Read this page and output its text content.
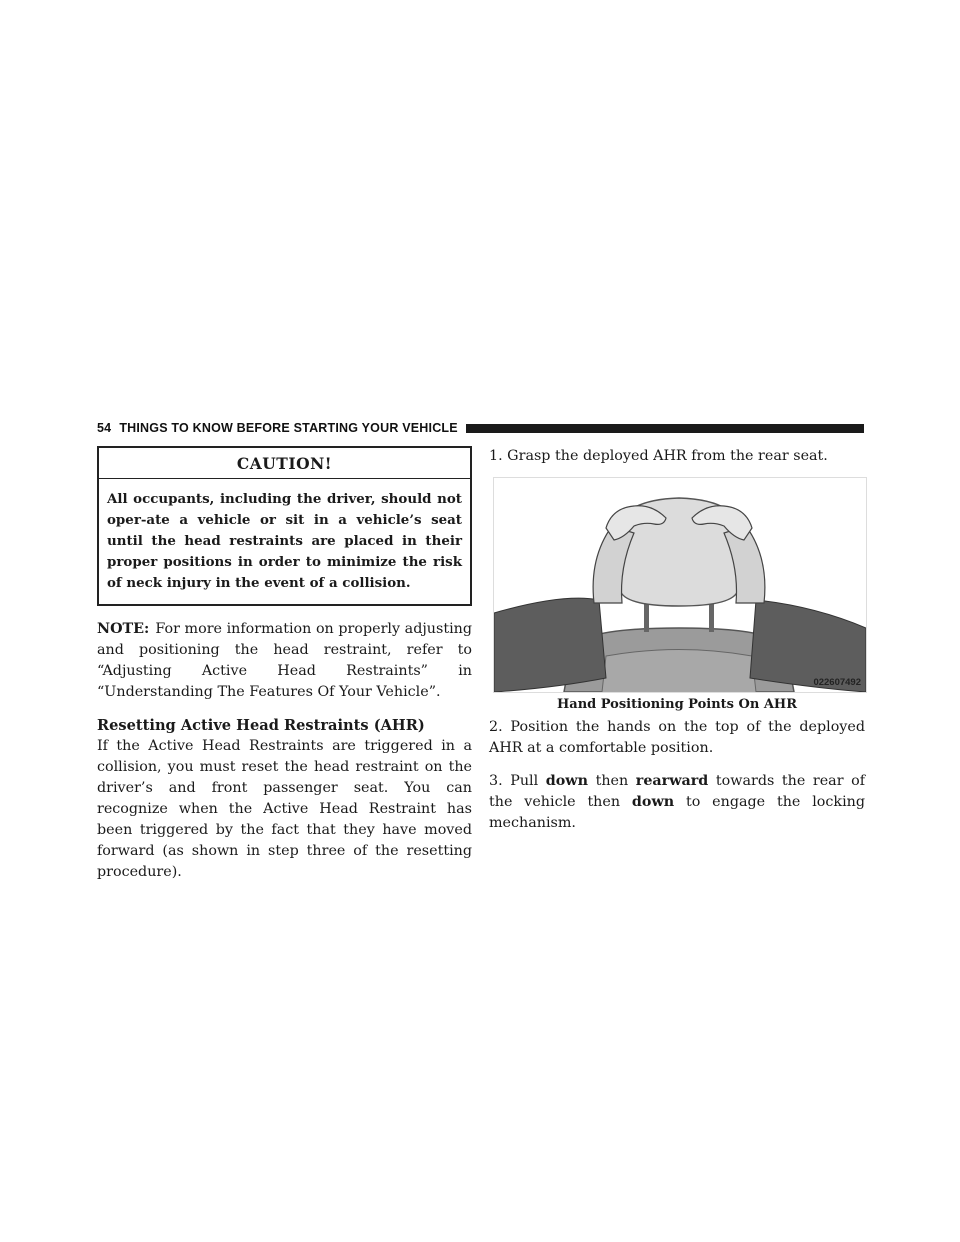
54 THINGS TO KNOW BEFORE STARTING YOUR VEHICLE
CAUTION!
All occupants, including the driver, should not oper-ate a vehicle or sit in a vehicle’s seat until the head restraints are placed in their proper positions in order to minimize the risk of neck injury in the event of a collision.

NOTE: For more information on properly adjusting and positioning the head restraint, refer to “Adjusting Active Head Restraints” in “Understanding The Features Of Your Vehicle”.

Resetting Active Head Restraints (AHR)

If the Active Head Restraints are triggered in a collision, you must reset the head restraint on the driver’s and front passenger seat. You can recognize when the Active Head Restraint has been triggered by the fact that they have moved forward (as shown in step three of the resetting procedure).

1. Grasp the deployed AHR from the rear seat.

022607492

Hand Positioning Points On AHR

2. Position the hands on the top of the deployed AHR at a comfortable position.

3. Pull down then rearward towards the rear of the vehicle then down to engage the locking mechanism.
